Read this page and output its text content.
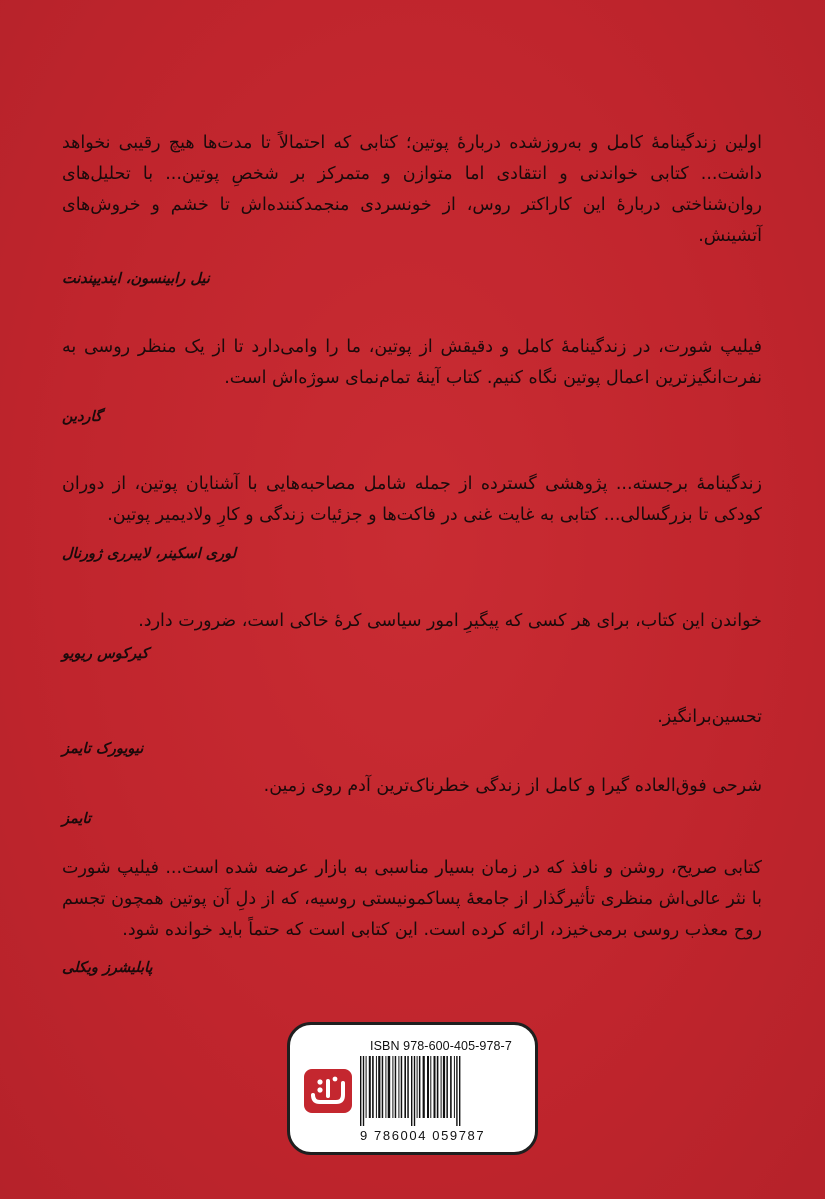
اولین زندگینامهٔ کامل و به‌روزشده دربارهٔ پوتین؛ کتابی که احتمالاً تا مدت‌ها هیچ رقیبی نخواهد داشت... کتابی خواندنی و انتقادی اما متوازن و متمرکز بر شخصِ پوتین... با تحلیل‌های روان‌شناختی دربارهٔ این کاراکتر روس، از خونسردی منجمدکننده‌اش تا خشم و خروش‌های آتشینش.

نیل رابینسون، ایندیپندنت

فیلیپ شورت، در زندگینامهٔ کامل و دقیقش از پوتین، ما را وامی‌دارد تا از یک منظر روسی به نفرت‌انگیزترین اعمال پوتین نگاه کنیم. کتاب آینهٔ تمام‌نمای سوژه‌اش است.

گاردین

زندگینامهٔ برجسته... پژوهشی گسترده از جمله شامل مصاحبه‌هایی با آشنایان پوتین، از دوران کودکی تا بزرگسالی... کتابی به غایت غنی در فاکت‌ها و جزئیات زندگی و کارِ ولادیمیر پوتین.

لوری اسکینر، لایبرری ژورنال

خواندن این کتاب، برای هر کسی که پیگیرِ امور سیاسی کرهٔ خاکی است، ضرورت دارد.

کیرکوس ریویو

تحسین‌برانگیز.

نیویورک تایمز

شرحی فوق‌العاده گیرا و کامل از زندگی خطرناک‌ترین آدم روی زمین.

تایمز

کتابی صریح، روشن و نافذ که در زمان بسیار مناسبی به بازار عرضه شده است... فیلیپ شورت با نثر عالی‌اش منظری تأثیرگذار از جامعهٔ پساکمونیستی روسیه، که از دلِ آن پوتین همچون تجسم روح معذب روسی برمی‌خیزد، ارائه کرده است. این کتابی است که حتماً باید خوانده شود.

پابلیشرز ویکلی
ISBN 978-600-405-978-7
9 786004 059787
